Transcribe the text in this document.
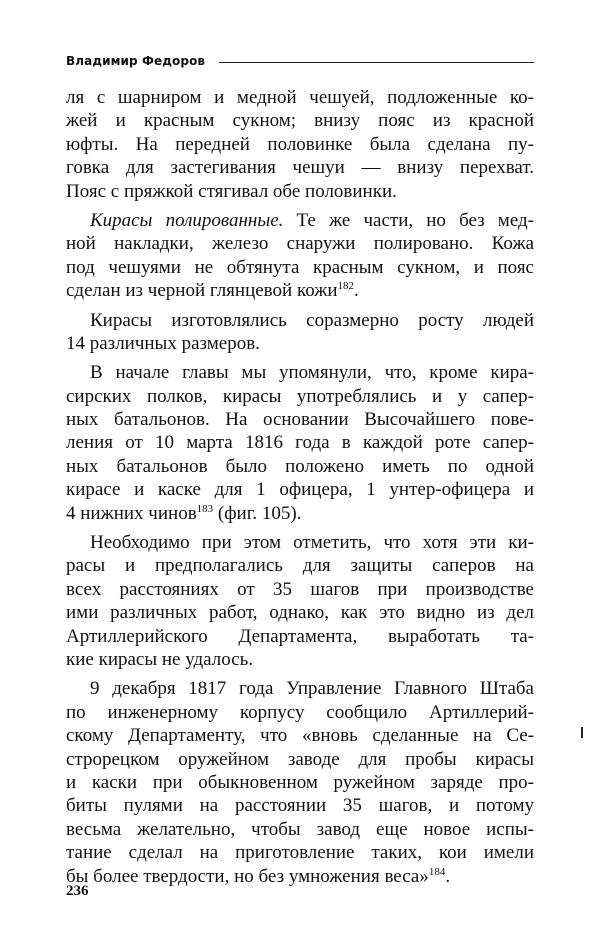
Владимир Федоров
ля с шарниром и медной чешуей, подложенные ко-
жей и красным сукном; внизу пояс из красной
юфты. На передней половинке была сделана пу-
говка для застегивания чешуи — внизу перехват.
Пояс с пряжкой стягивал обе половинки.
Кирасы полированные. Те же части, но без мед-
ной накладки, железо снаружи полировано. Кожа
под чешуями не обтянута красным сукном, и пояс
сделан из черной глянцевой кожи$^{182}$.
Кирасы изготовлялись соразмерно росту людей
14 различных размеров.
В начале главы мы упомянули, что, кроме кира-
сирских полков, кирасы употреблялись и у сапер-
ных батальонов. На основании Высочайшего пове-
ления от 10 марта 1816 года в каждой роте сапер-
ных батальонов было положено иметь по одной
кирасе и каске для 1 офицера, 1 унтер-офицера и
4 нижних чинов$^{183}$ (фиг. 105).
Необходимо при этом отметить, что хотя эти ки-
расы и предполагались для защиты саперов на
всех расстояниях от 35 шагов при производстве
ими различных работ, однако, как это видно из дел
Артиллерийского Департамента, выработать та-
кие кирасы не удалось.
9 декабря 1817 года Управление Главного Штаба
по инженерному корпусу сообщило Артиллерий-
скому Департаменту, что «вновь сделанные на Се-
строрецком оружейном заводе для пробы кирасы
и каски при обыкновенном ружейном заряде про-
биты пулями на расстоянии 35 шагов, и потому
весьма желательно, чтобы завод еще новое испы-
тание сделал на приготовление таких, кои имели
бы более твердости, но без умножения веса»$^{184}$.
236
